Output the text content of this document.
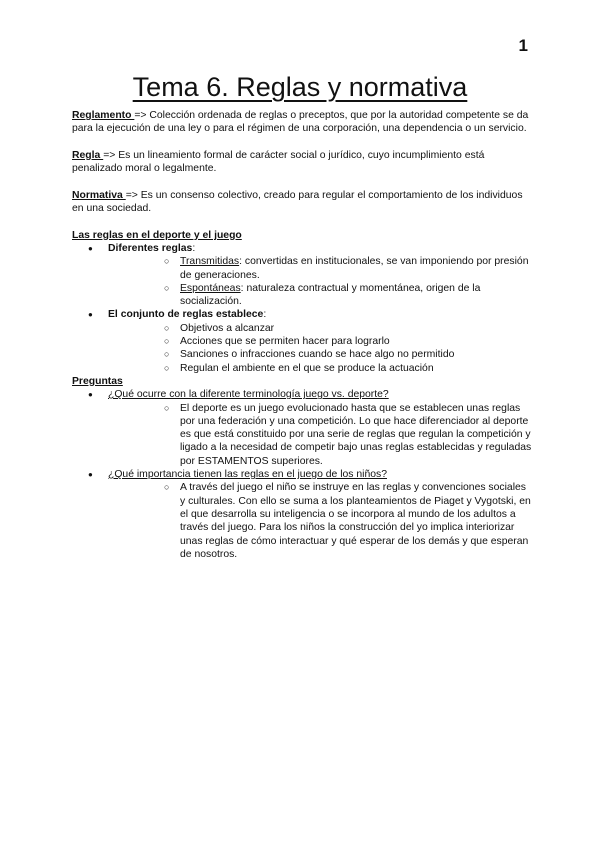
1
Tema 6. Reglas y normativa

Reglamento => Colección ordenada de reglas o preceptos, que por la autoridad competente se da para la ejecución de una ley o para el régimen de una corporación, una dependencia o un servicio.

Regla => Es un lineamiento formal de carácter social o jurídico, cuyo incumplimiento está penalizado moral o legalmente.

Normativa => Es un consenso colectivo, creado para regular el comportamiento de los individuos en una sociedad.

Las reglas en el deporte y el juego

● Diferentes reglas:
○ Transmitidas: convertidas en institucionales, se van imponiendo por presión de generaciones.
○ Espontáneas: naturaleza contractual y momentánea, origen de la socialización.
● El conjunto de reglas establece:
○ Objetivos a alcanzar
○ Acciones que se permiten hacer para lograrlo
○ Sanciones o infracciones cuando se hace algo no permitido
○ Regulan el ambiente en el que se produce la actuación

Preguntas

● ¿Qué ocurre con la diferente terminología juego vs. deporte?
○ El deporte es un juego evolucionado hasta que se establecen unas reglas por una federación y una competición. Lo que hace diferenciador al deporte es que está constituido por una serie de reglas que regulan la competición y ligado a la necesidad de competir bajo unas reglas establecidas y reguladas por ESTAMENTOS superiores.
● ¿Qué importancia tienen las reglas en el juego de los niños?
○ A través del juego el niño se instruye en las reglas y convenciones sociales y culturales. Con ello se suma a los planteamientos de Piaget y Vygotski, en el que desarrolla su inteligencia o se incorpora al mundo de los adultos a través del juego. Para los niños la construcción del yo implica interiorizar unas reglas de cómo interactuar y qué esperar de los demás y que esperan de nosotros.
